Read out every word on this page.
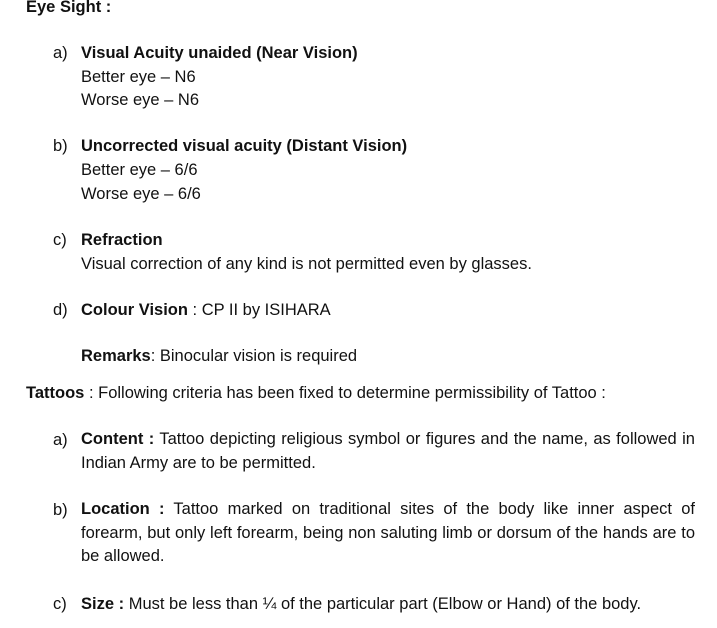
Eye Sight :
a) Visual Acuity unaided (Near Vision)
Better eye – N6
Worse eye – N6
b) Uncorrected visual acuity (Distant Vision)
Better eye – 6/6
Worse eye – 6/6
c) Refraction
Visual correction of any kind is not permitted even by glasses.
d) Colour Vision : CP II by ISIHARA
Remarks: Binocular vision is required
Tattoos : Following criteria has been fixed to determine permissibility of Tattoo :
a) Content : Tattoo depicting religious symbol or figures and the name, as followed in Indian Army are to be permitted.
b) Location : Tattoo marked on traditional sites of the body like inner aspect of forearm, but only left forearm, being non saluting limb or dorsum of the hands are to be allowed.
c) Size : Must be less than ¼ of the particular part (Elbow or Hand) of the body.
